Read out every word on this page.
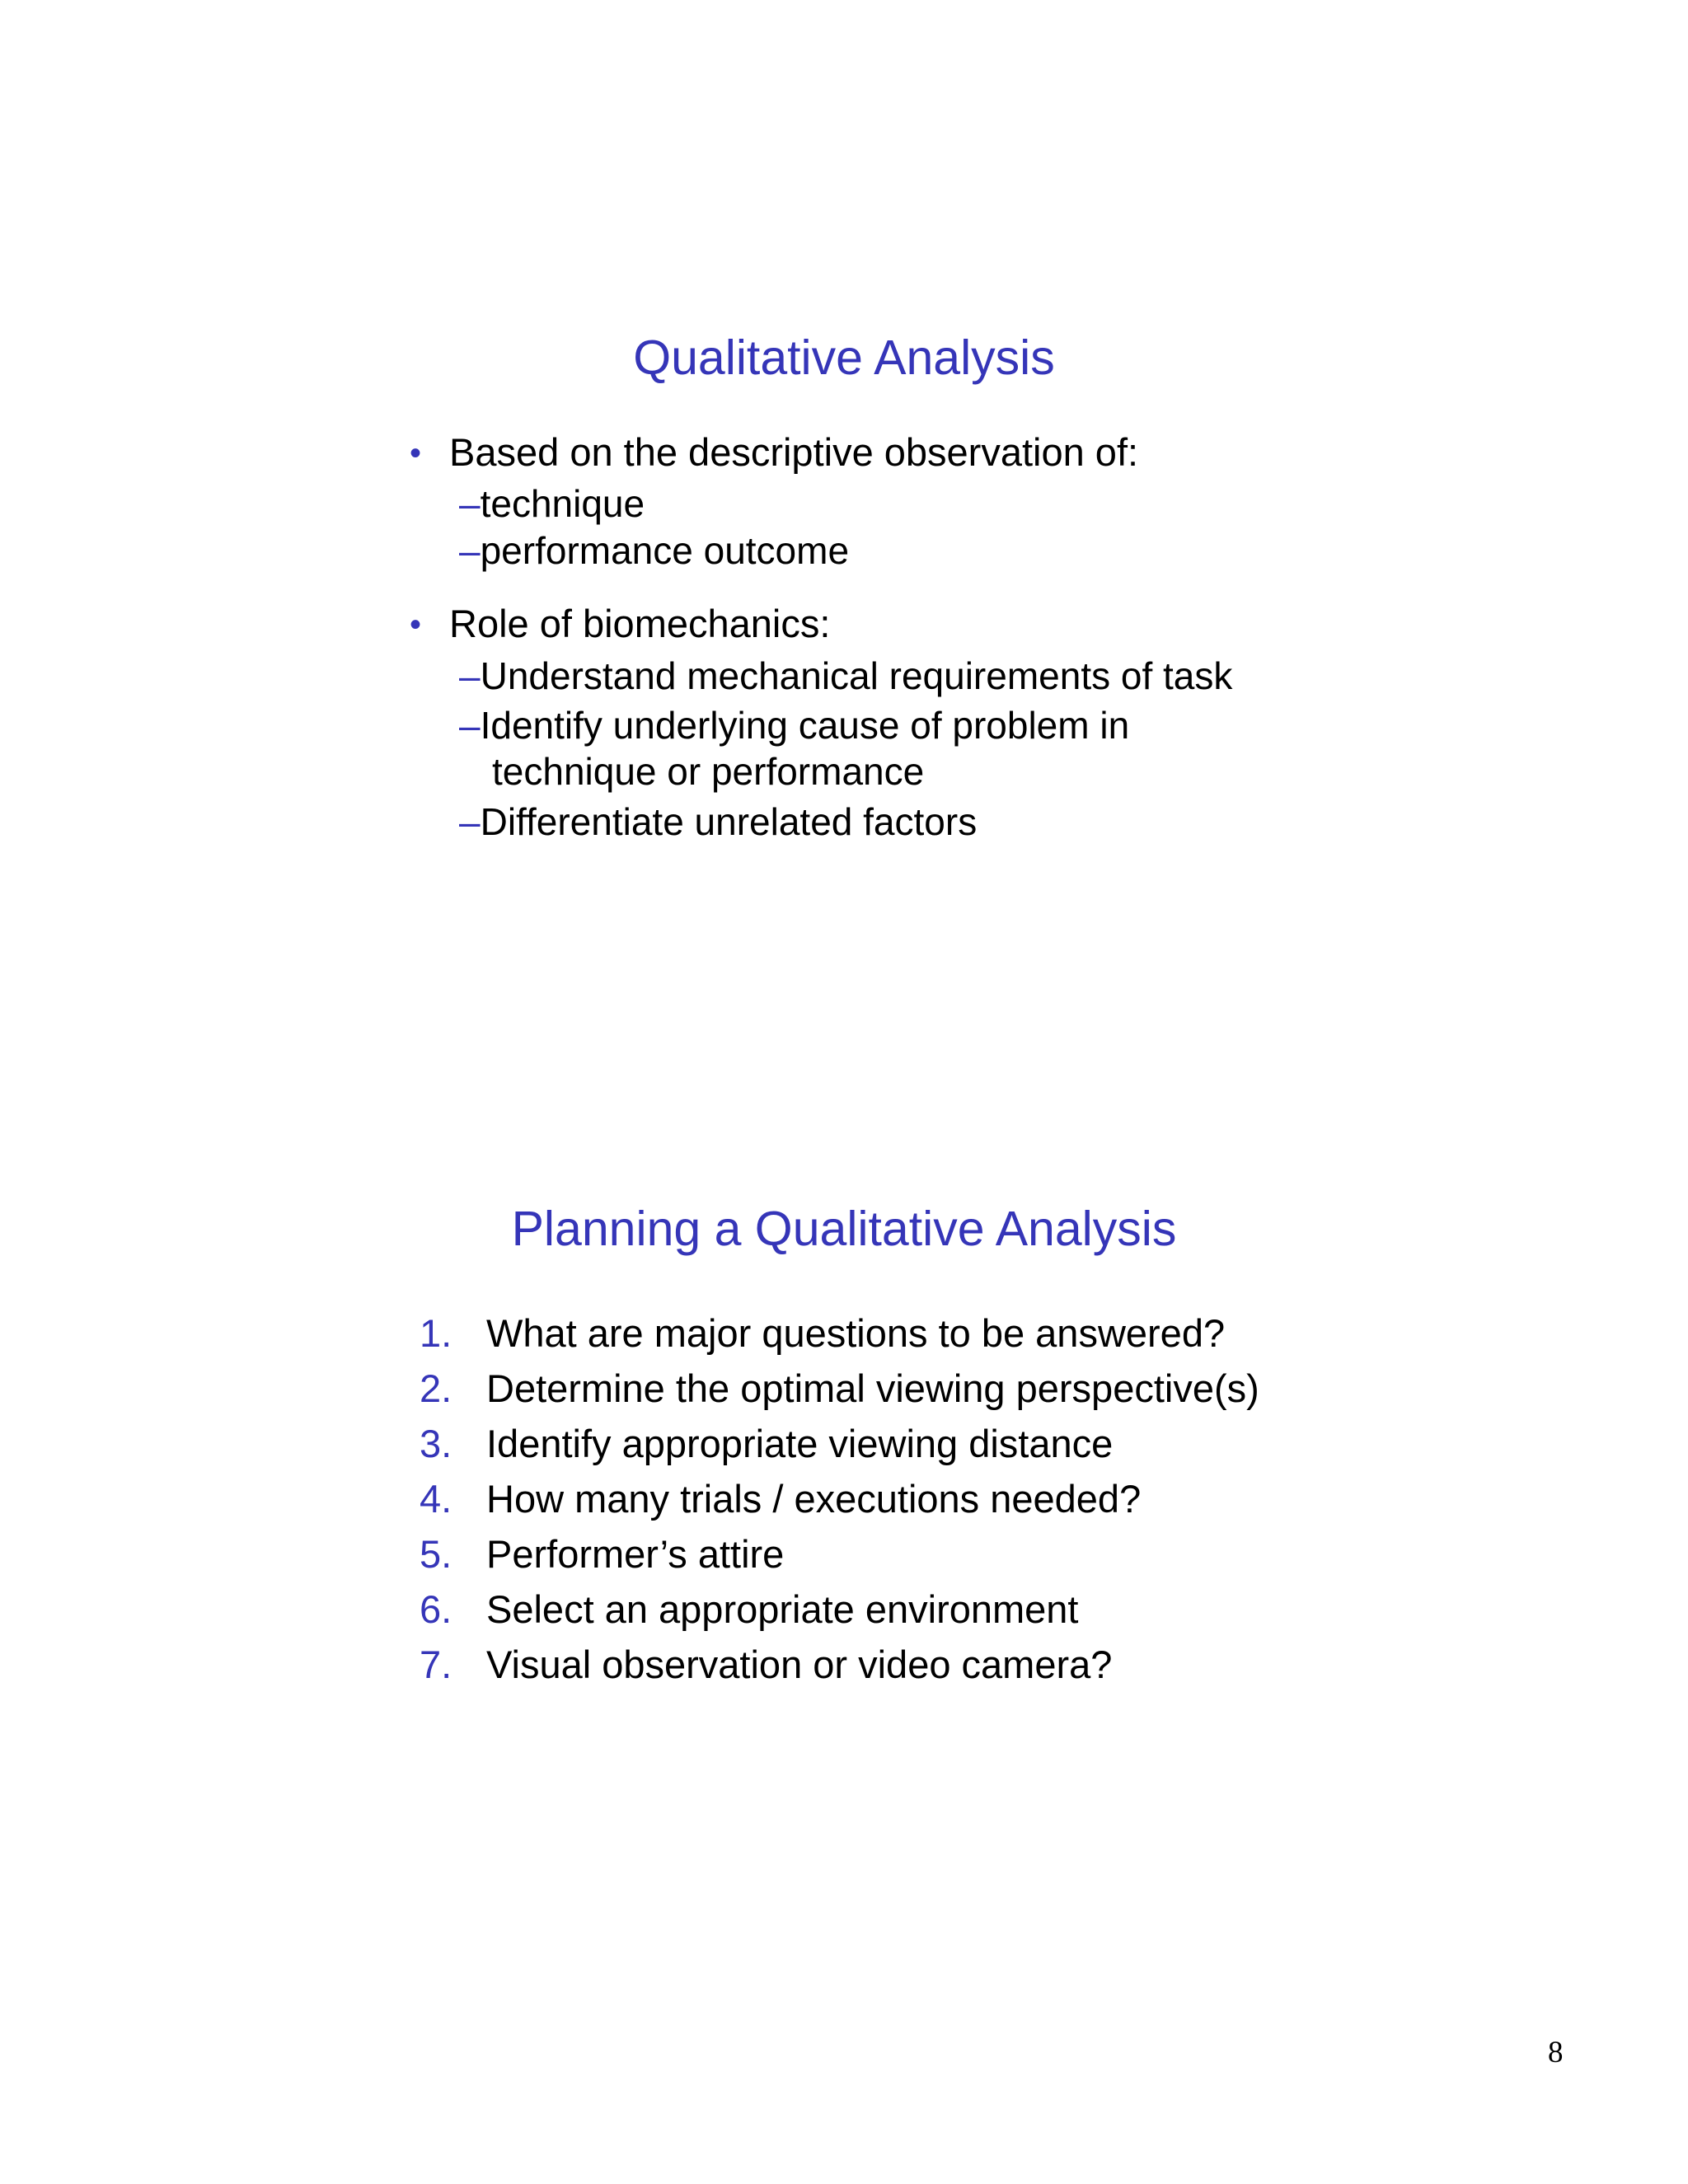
Qualitative Analysis
• Based on the descriptive observation of:
–technique
–performance outcome
• Role of biomechanics:
–Understand mechanical requirements of task
–Identify underlying cause of problem in
technique or performance
–Differentiate unrelated factors
Planning a Qualitative Analysis
1. What are major questions to be answered?
2. Determine the optimal viewing perspective(s)
3. Identify appropriate viewing distance
4. How many trials / executions needed?
5. Performer’s attire
6. Select an appropriate environment
7. Visual observation or video camera?
8
